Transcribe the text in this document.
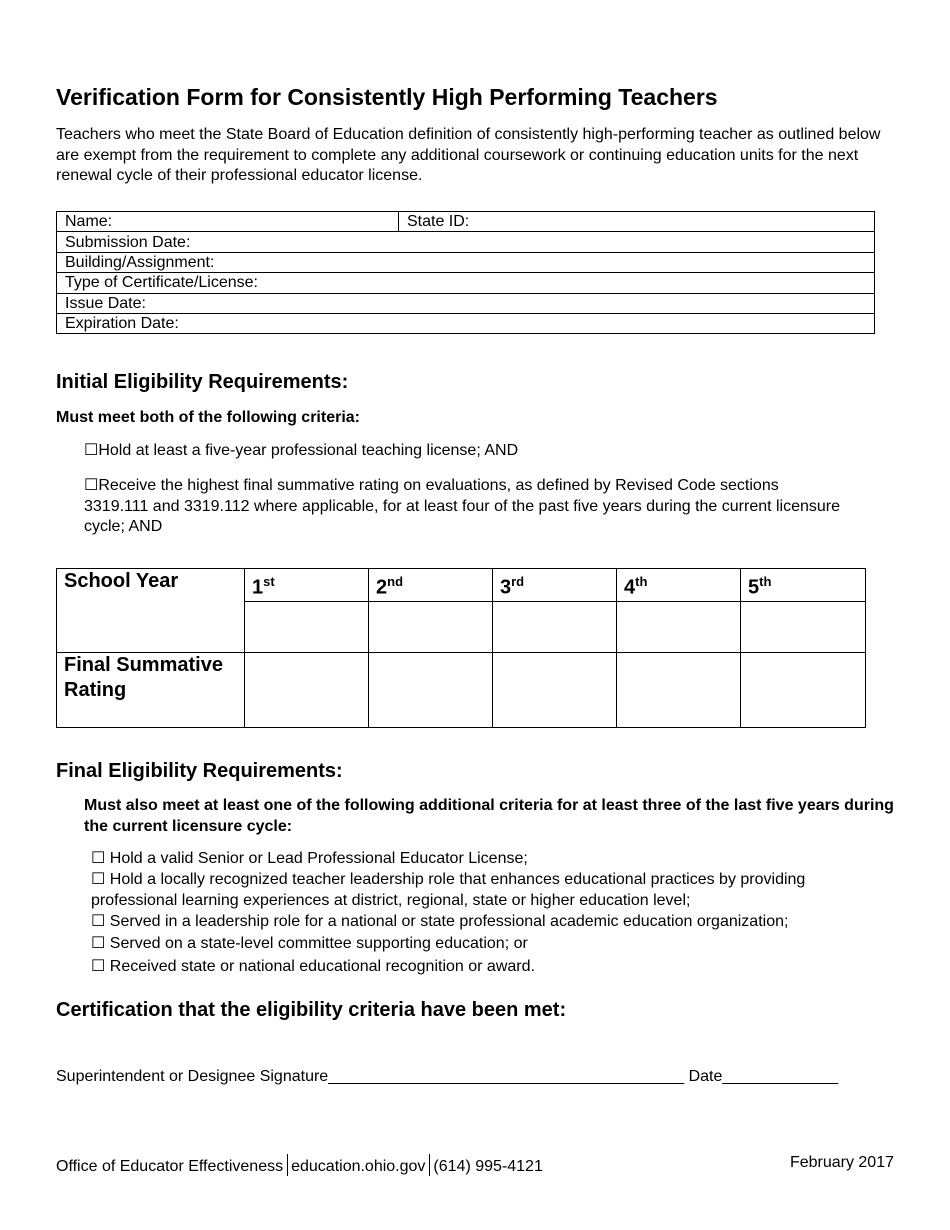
Verification Form for Consistently High Performing Teachers

Teachers who meet the State Board of Education definition of consistently high-performing teacher as outlined below are exempt from the requirement to complete any additional coursework or continuing education units for the next renewal cycle of their professional educator license.

Name:	State ID:
Submission Date:
Building/Assignment:
Type of Certificate/License:
Issue Date:
Expiration Date:
Initial Eligibility Requirements:

Must meet both of the following criteria:

☐Hold at least a five-year professional teaching license; AND

☐Receive the highest final summative rating on evaluations, as defined by Revised Code sections 3319.111 and 3319.112 where applicable, for at least four of the past five years during the current licensure cycle; AND

School Year	1st	2nd	3rd	4th	5th

Final Summative Rating					
Final Eligibility Requirements:

Must also meet at least one of the following additional criteria for at least three of the last five years during the current licensure cycle:

☐ Hold a valid Senior or Lead Professional Educator License;

☐ Hold a locally recognized teacher leadership role that enhances educational practices by providing professional learning experiences at district, regional, state or higher education level;

☐ Served in a leadership role for a national or state professional academic education organization;

☐ Served on a state-level committee supporting education; or

☐ Received state or national educational recognition or award.

Certification that the eligibility criteria have been met:
Superintendent or Designee Signature________________________________________ Date_____________
Office of Educator Effectiveness education.ohio.gov (614) 995-4121	February 2017
